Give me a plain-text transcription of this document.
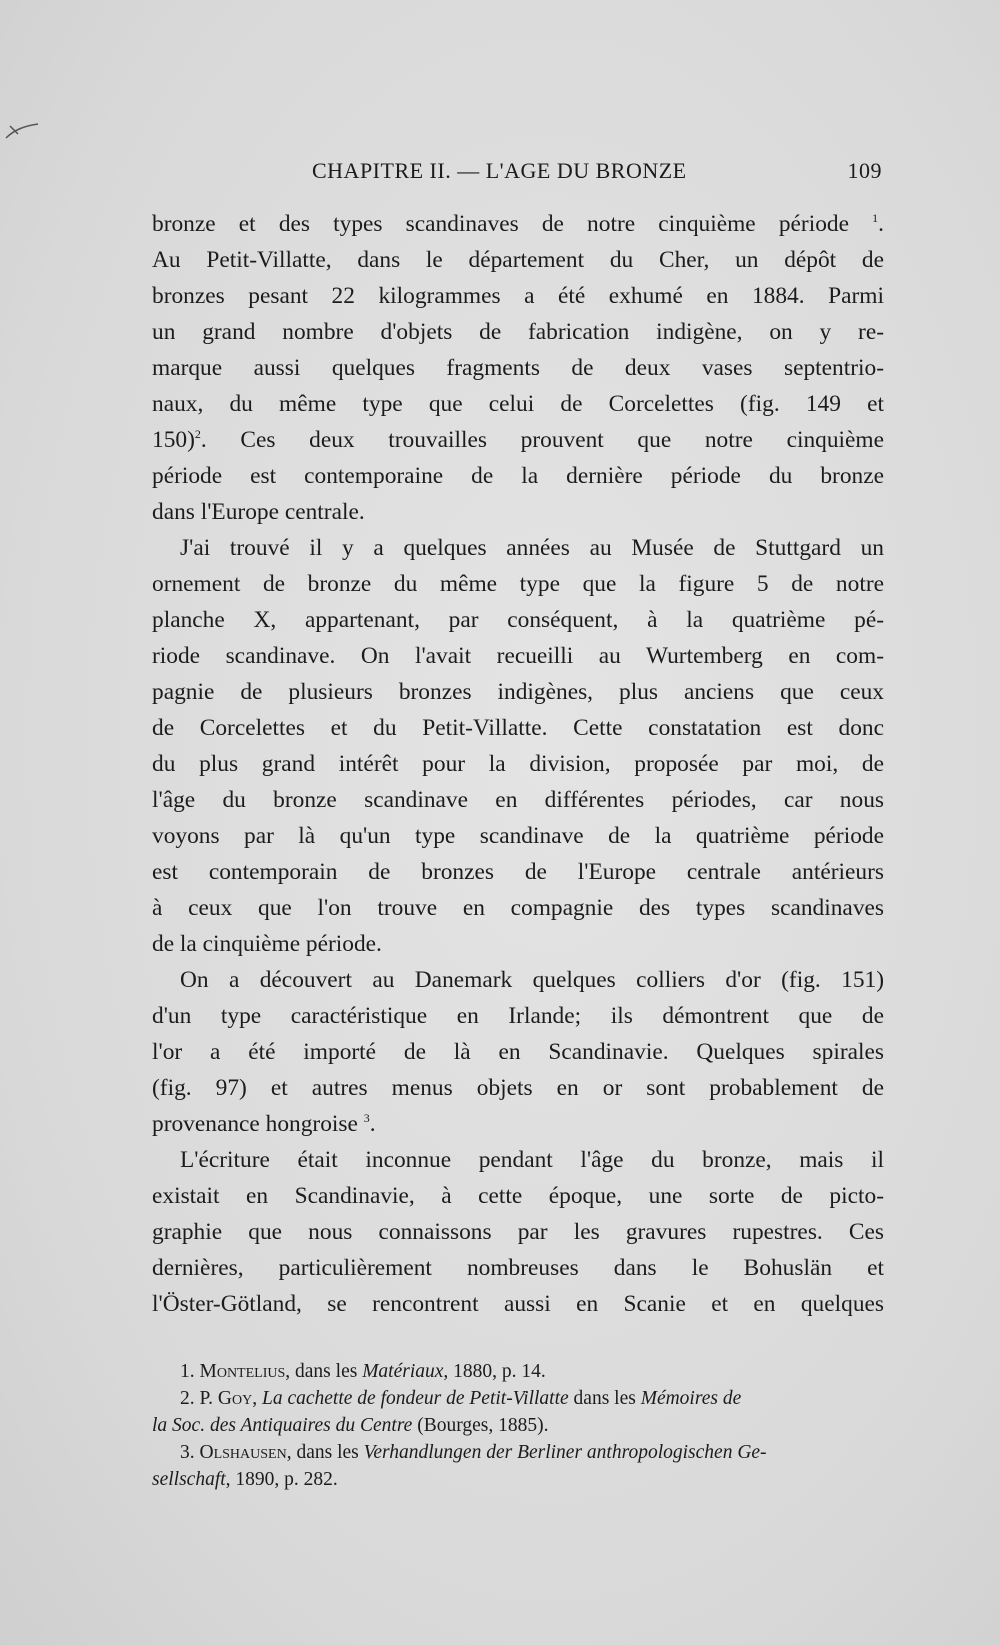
CHAPITRE II. — L'AGE DU BRONZE	109

bronze et des types scandinaves de notre cinquième période $^1$.
Au Petit-Villatte, dans le département du Cher, un dépôt de
bronzes pesant 22 kilogrammes a été exhumé en 1884. Parmi
un grand nombre d'objets de fabrication indigène, on y re-
marque aussi quelques fragments de deux vases septentrio-
naux, du même type que celui de Corcelettes (fig. 149 et
150)$^2$. Ces deux trouvailles prouvent que notre cinquième
période est contemporaine de la dernière période du bronze
dans l'Europe centrale.

J'ai trouvé il y a quelques années au Musée de Stuttgard un
ornement de bronze du même type que la figure 5 de notre
planche X, appartenant, par conséquent, à la quatrième pé-
riode scandinave. On l'avait recueilli au Wurtemberg en com-
pagnie de plusieurs bronzes indigènes, plus anciens que ceux
de Corcelettes et du Petit-Villatte. Cette constatation est donc
du plus grand intérêt pour la division, proposée par moi, de
l'âge du bronze scandinave en différentes périodes, car nous
voyons par là qu'un type scandinave de la quatrième période
est contemporain de bronzes de l'Europe centrale antérieurs
à ceux que l'on trouve en compagnie des types scandinaves
de la cinquième période.

On a découvert au Danemark quelques colliers d'or (fig. 151)
d'un type caractéristique en Irlande; ils démontrent que de
l'or a été importé de là en Scandinavie. Quelques spirales
(fig. 97) et autres menus objets en or sont probablement de
provenance hongroise $^3$.

L'écriture était inconnue pendant l'âge du bronze, mais il
existait en Scandinavie, à cette époque, une sorte de picto-
graphie que nous connaissons par les gravures rupestres. Ces
dernières, particulièrement nombreuses dans le Bohuslän et
l'Öster-Götland, se rencontrent aussi en Scanie et en quelques

1. Montelius, dans les Matériaux, 1880, p. 14.
2. P. Goy, La cachette de fondeur de Petit-Villatte dans les Mémoires de
la Soc. des Antiquaires du Centre (Bourges, 1885).
3. Olshausen, dans les Verhandlungen der Berliner anthropologischen Ge-
sellschaft, 1890, p. 282.
